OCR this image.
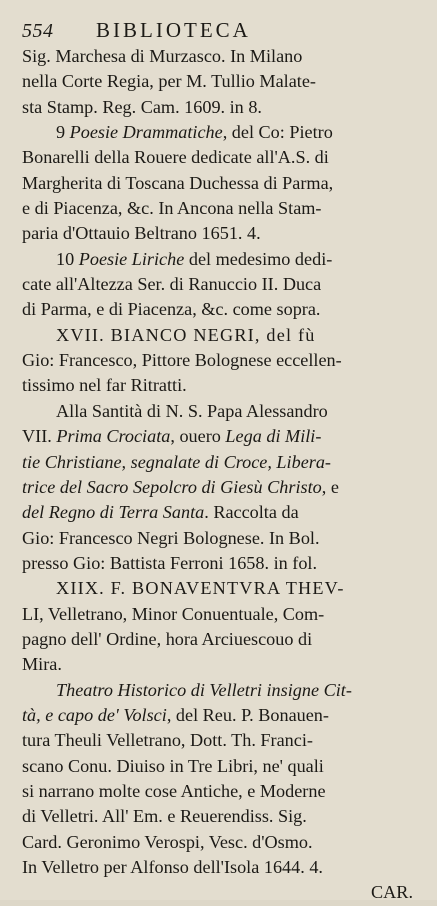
554 BIBLIOTECA
Sig. Marchesa di Murzasco. In Milano
nella Corte Regia, per M. Tullio Malate-
sta Stamp. Reg. Cam. 1609. in 8.
9 Poesie Drammatiche, del Co: Pietro
Bonarelli della Rouere dedicate all'A.S. di
Margherita di Toscana Duchessa di Parma,
e di Piacenza, &c. In Ancona nella Stam-
paria d'Ottauio Beltrano 1651. 4.
10 Poesie Liriche del medesimo dedi-
cate all'Altezza Ser. di Ranuccio II. Duca
di Parma, e di Piacenza, &c. come sopra.
XVII. BIANCO NEGRI, del fù
Gio: Francesco, Pittore Bolognese eccellen-
tissimo nel far Ritratti.
Alla Santità di N. S. Papa Alessandro
VII. Prima Crociata, ouero Lega di Mili-
tie Christiane, segnalate di Croce, Libera-
trice del Sacro Sepolcro di Giesù Christo, e
del Regno di Terra Santa. Raccolta da
Gio: Francesco Negri Bolognese. In Bol.
presso Gio: Battista Ferroni 1658. in fol.
XIIX. F. BONAVENTVRA THEV-
LI, Velletrano, Minor Conuentuale, Com-
pagno dell' Ordine, hora Arciuescouo di
Mira.
Theatro Historico di Velletri insigne Cit-
tà, e capo de' Volsci, del Reu. P. Bonauen-
tura Theuli Velletrano, Dott. Th. Franci-
scano Conu. Diuiso in Tre Libri, ne' quali
si narrano molte cose Antiche, e Moderne
di Velletri. All' Em. e Reuerendiss. Sig.
Card. Geronimo Verospi, Vesc. d'Osmo.
In Velletro per Alfonso dell'Isola 1644. 4.
CAR.
